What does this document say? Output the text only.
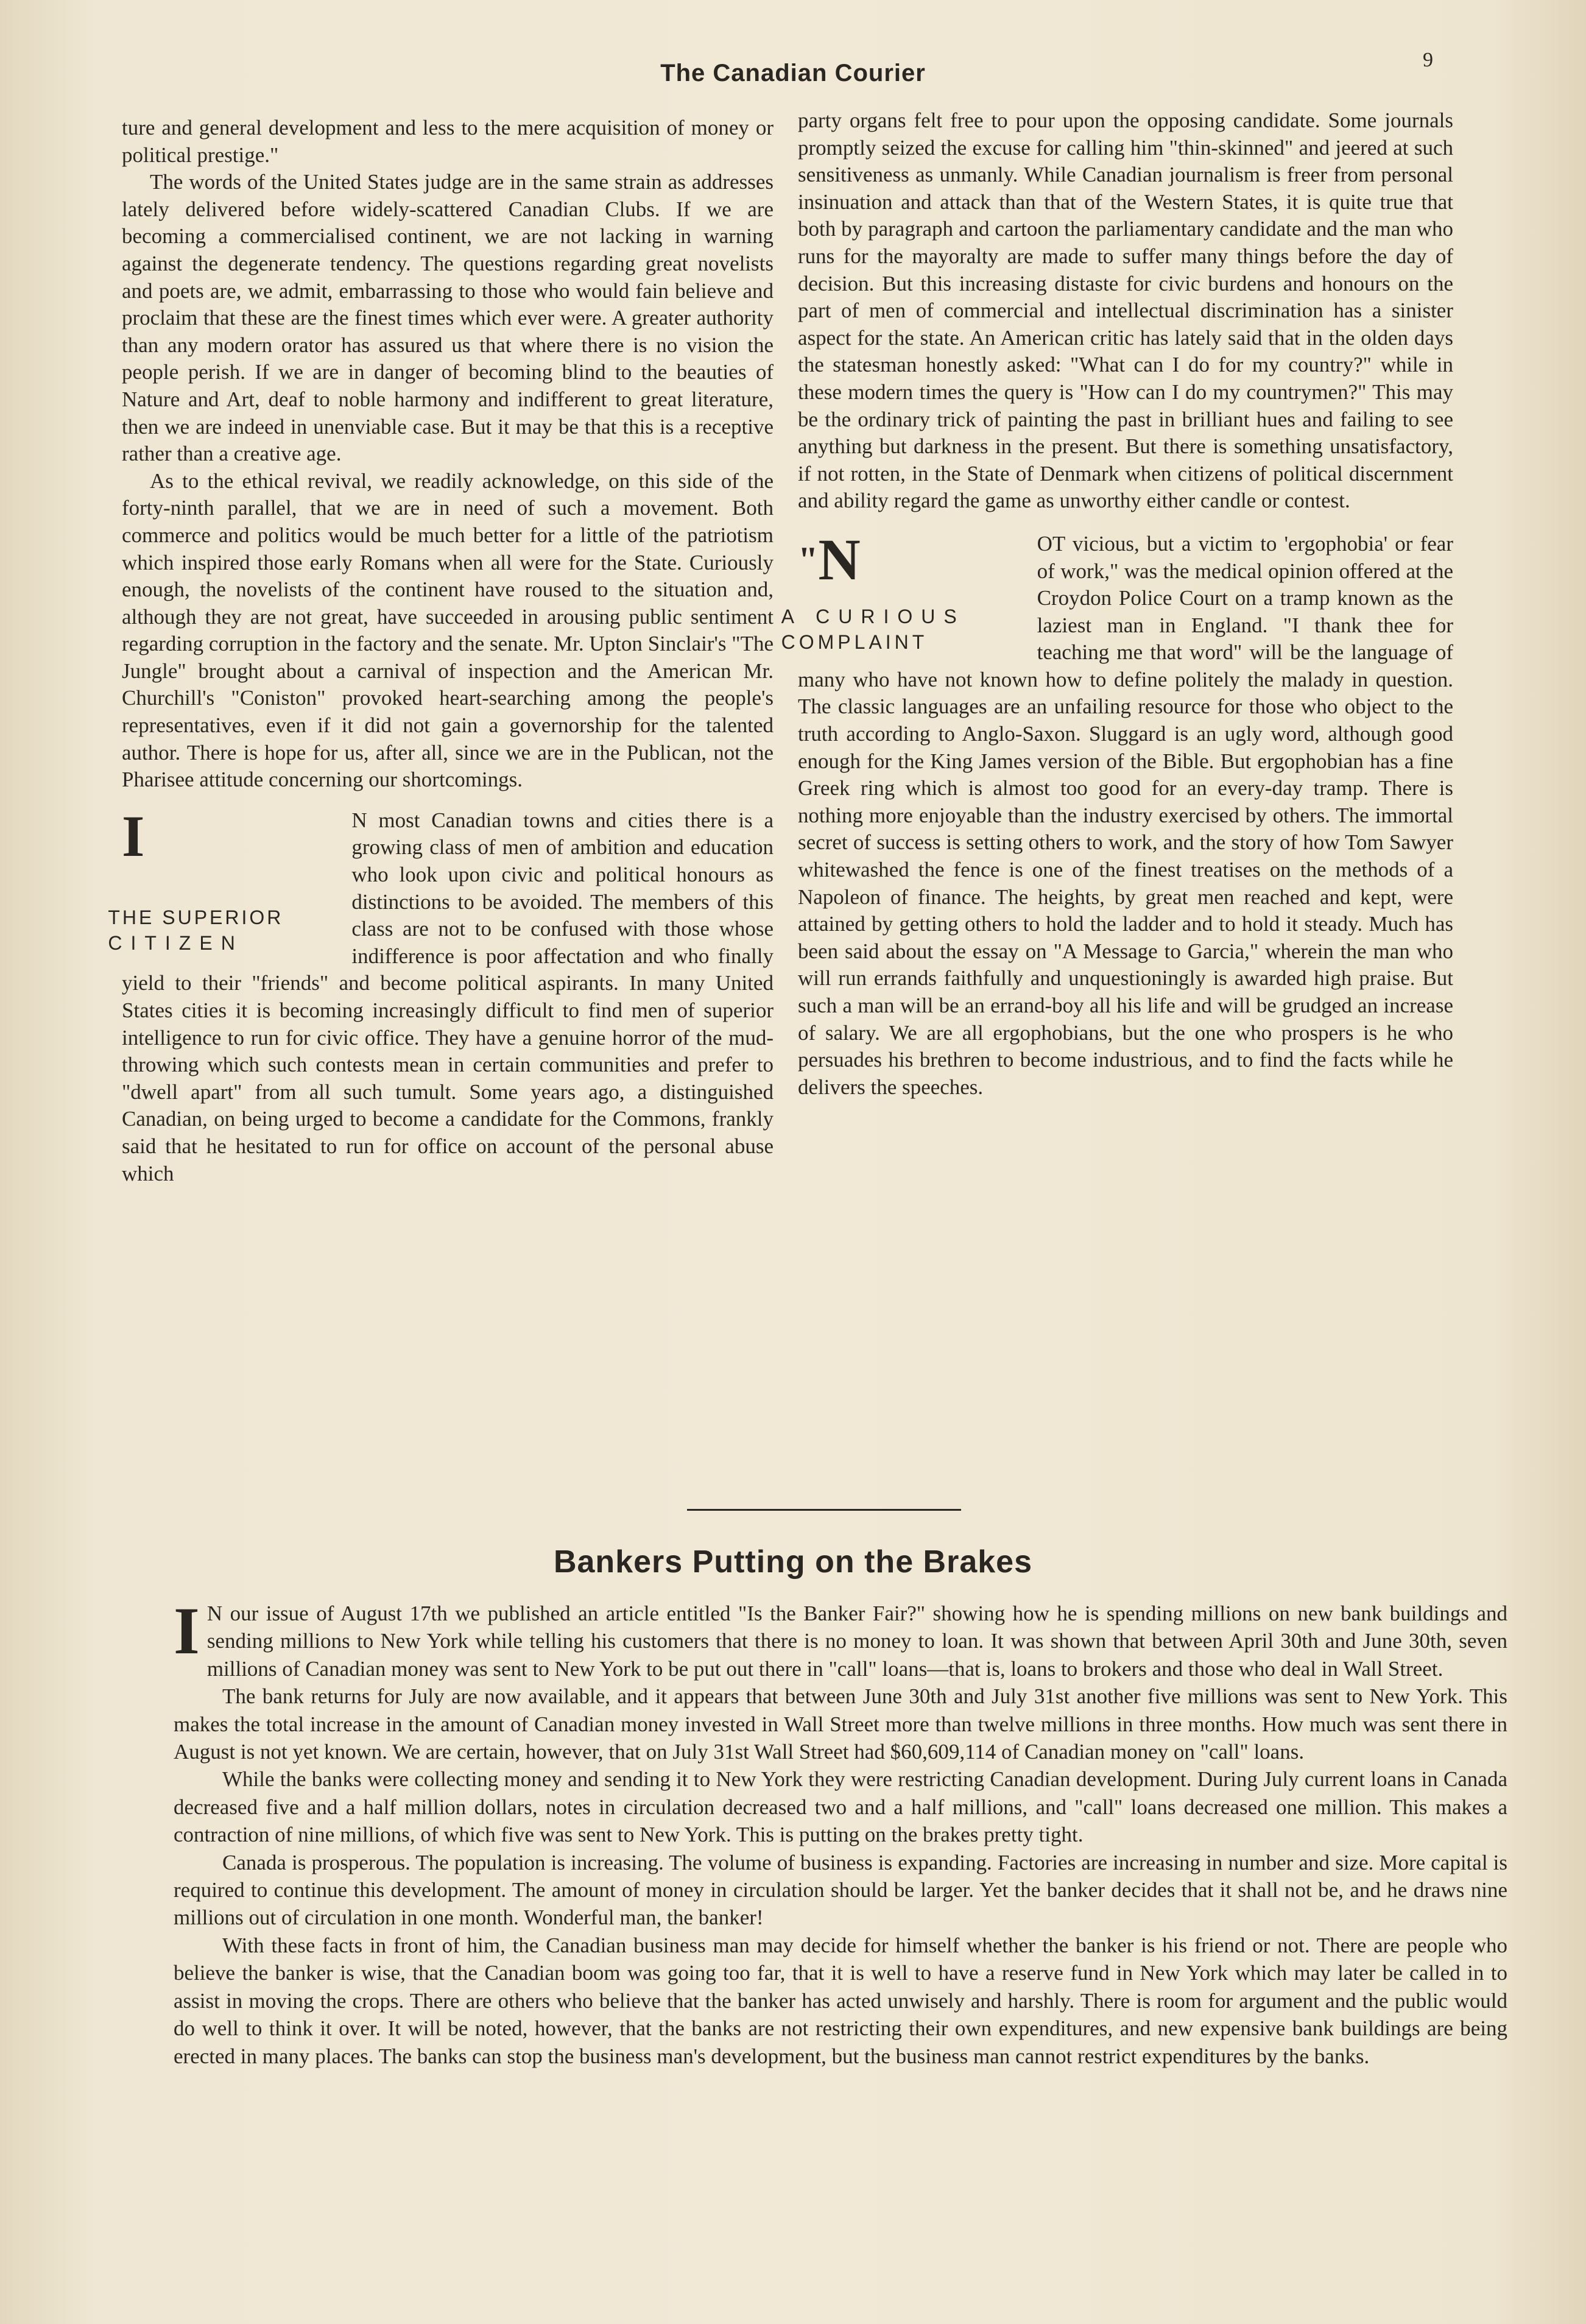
The Canadian Courier	9

ture and general development and less to the mere acquisition of money or political prestige."

The words of the United States judge are in the same strain as addresses lately delivered before widely-scattered Canadian Clubs. If we are becoming a commercialised continent, we are not lacking in warning against the degenerate tendency. The questions regarding great novelists and poets are, we admit, embarrassing to those who would fain believe and proclaim that these are the finest times which ever were. A greater authority than any modern orator has assured us that where there is no vision the people perish. If we are in danger of becoming blind to the beauties of Nature and Art, deaf to noble harmony and indifferent to great literature, then we are indeed in unenviable case. But it may be that this is a receptive rather than a creative age.

As to the ethical revival, we readily acknowledge, on this side of the forty-ninth parallel, that we are in need of such a movement. Both commerce and politics would be much better for a little of the patriotism which inspired those early Romans when all were for the State. Curiously enough, the novelists of the continent have roused to the situation and, although they are not great, have succeeded in arousing public sentiment regarding corruption in the factory and the senate. Mr. Upton Sinclair's "The Jungle" brought about a carnival of inspection and the American Mr. Churchill's "Coniston" provoked heart-searching among the people's representatives, even if it did not gain a governorship for the talented author. There is hope for us, after all, since we are in the Publican, not the Pharisee attitude concerning our shortcomings.

I
THE SUPERIOR
CITIZEN
N most Canadian towns and cities there is a growing class of men of ambition and education who look upon civic and political honours as distinctions to be avoided. The members of this class are not to be confused with those whose indifference is poor affectation and who finally yield to their "friends" and become political aspirants. In many United States cities it is becoming increasingly difficult to find men of superior intelligence to run for civic office. They have a genuine horror of the mud-throwing which such contests mean in certain communities and prefer to "dwell apart" from all such tumult. Some years ago, a distinguished Canadian, on being urged to become a candidate for the Commons, frankly said that he hesitated to run for office on account of the personal abuse which

party organs felt free to pour upon the opposing candidate. Some journals promptly seized the excuse for calling him "thin-skinned" and jeered at such sensitiveness as unmanly. While Canadian journalism is freer from personal insinuation and attack than that of the Western States, it is quite true that both by paragraph and cartoon the parliamentary candidate and the man who runs for the mayoralty are made to suffer many things before the day of decision. But this increasing distaste for civic burdens and honours on the part of men of commercial and intellectual discrimination has a sinister aspect for the state. An American critic has lately said that in the olden days the statesman honestly asked: "What can I do for my country?" while in these modern times the query is "How can I do my countrymen?" This may be the ordinary trick of painting the past in brilliant hues and failing to see anything but darkness in the present. But there is something unsatisfactory, if not rotten, in the State of Denmark when citizens of political discernment and ability regard the game as unworthy either candle or contest.

" N
A CURIOUS
COMPLAINT
OT vicious, but a victim to 'ergophobia' or fear of work," was the medical opinion offered at the Croydon Police Court on a tramp known as the laziest man in England. "I thank thee for teaching me that word" will be the language of many who have not known how to define politely the malady in question. The classic languages are an unfailing resource for those who object to the truth according to Anglo-Saxon. Sluggard is an ugly word, although good enough for the King James version of the Bible. But ergophobian has a fine Greek ring which is almost too good for an every-day tramp. There is nothing more enjoyable than the industry exercised by others. The immortal secret of success is setting others to work, and the story of how Tom Sawyer whitewashed the fence is one of the finest treatises on the methods of a Napoleon of finance. The heights, by great men reached and kept, were attained by getting others to hold the ladder and to hold it steady. Much has been said about the essay on "A Message to Garcia," wherein the man who will run errands faithfully and unquestioningly is awarded high praise. But such a man will be an errand-boy all his life and will be grudged an increase of salary. We are all ergophobians, but the one who prospers is he who persuades his brethren to become industrious, and to find the facts while he delivers the speeches.

Bankers Putting on the Brakes

I N our issue of August 17th we published an article entitled "Is the Banker Fair?" showing how he is spending millions on new bank buildings and sending millions to New York while telling his customers that there is no money to loan. It was shown that between April 30th and June 30th, seven millions of Canadian money was sent to New York to be put out there in "call" loans—that is, loans to brokers and those who deal in Wall Street.

The bank returns for July are now available, and it appears that between June 30th and July 31st another five millions was sent to New York. This makes the total increase in the amount of Canadian money invested in Wall Street more than twelve millions in three months. How much was sent there in August is not yet known. We are certain, however, that on July 31st Wall Street had $60,609,114 of Canadian money on "call" loans.

While the banks were collecting money and sending it to New York they were restricting Canadian development. During July current loans in Canada decreased five and a half million dollars, notes in circulation decreased two and a half millions, and "call" loans decreased one million. This makes a contraction of nine millions, of which five was sent to New York. This is putting on the brakes pretty tight.

Canada is prosperous. The population is increasing. The volume of business is expanding. Factories are increasing in number and size. More capital is required to continue this development. The amount of money in circulation should be larger. Yet the banker decides that it shall not be, and he draws nine millions out of circulation in one month. Wonderful man, the banker!

With these facts in front of him, the Canadian business man may decide for himself whether the banker is his friend or not. There are people who believe the banker is wise, that the Canadian boom was going too far, that it is well to have a reserve fund in New York which may later be called in to assist in moving the crops. There are others who believe that the banker has acted unwisely and harshly. There is room for argument and the public would do well to think it over. It will be noted, however, that the banks are not restricting their own expenditures, and new expensive bank buildings are being erected in many places. The banks can stop the business man's development, but the business man cannot restrict expenditures by the banks.
